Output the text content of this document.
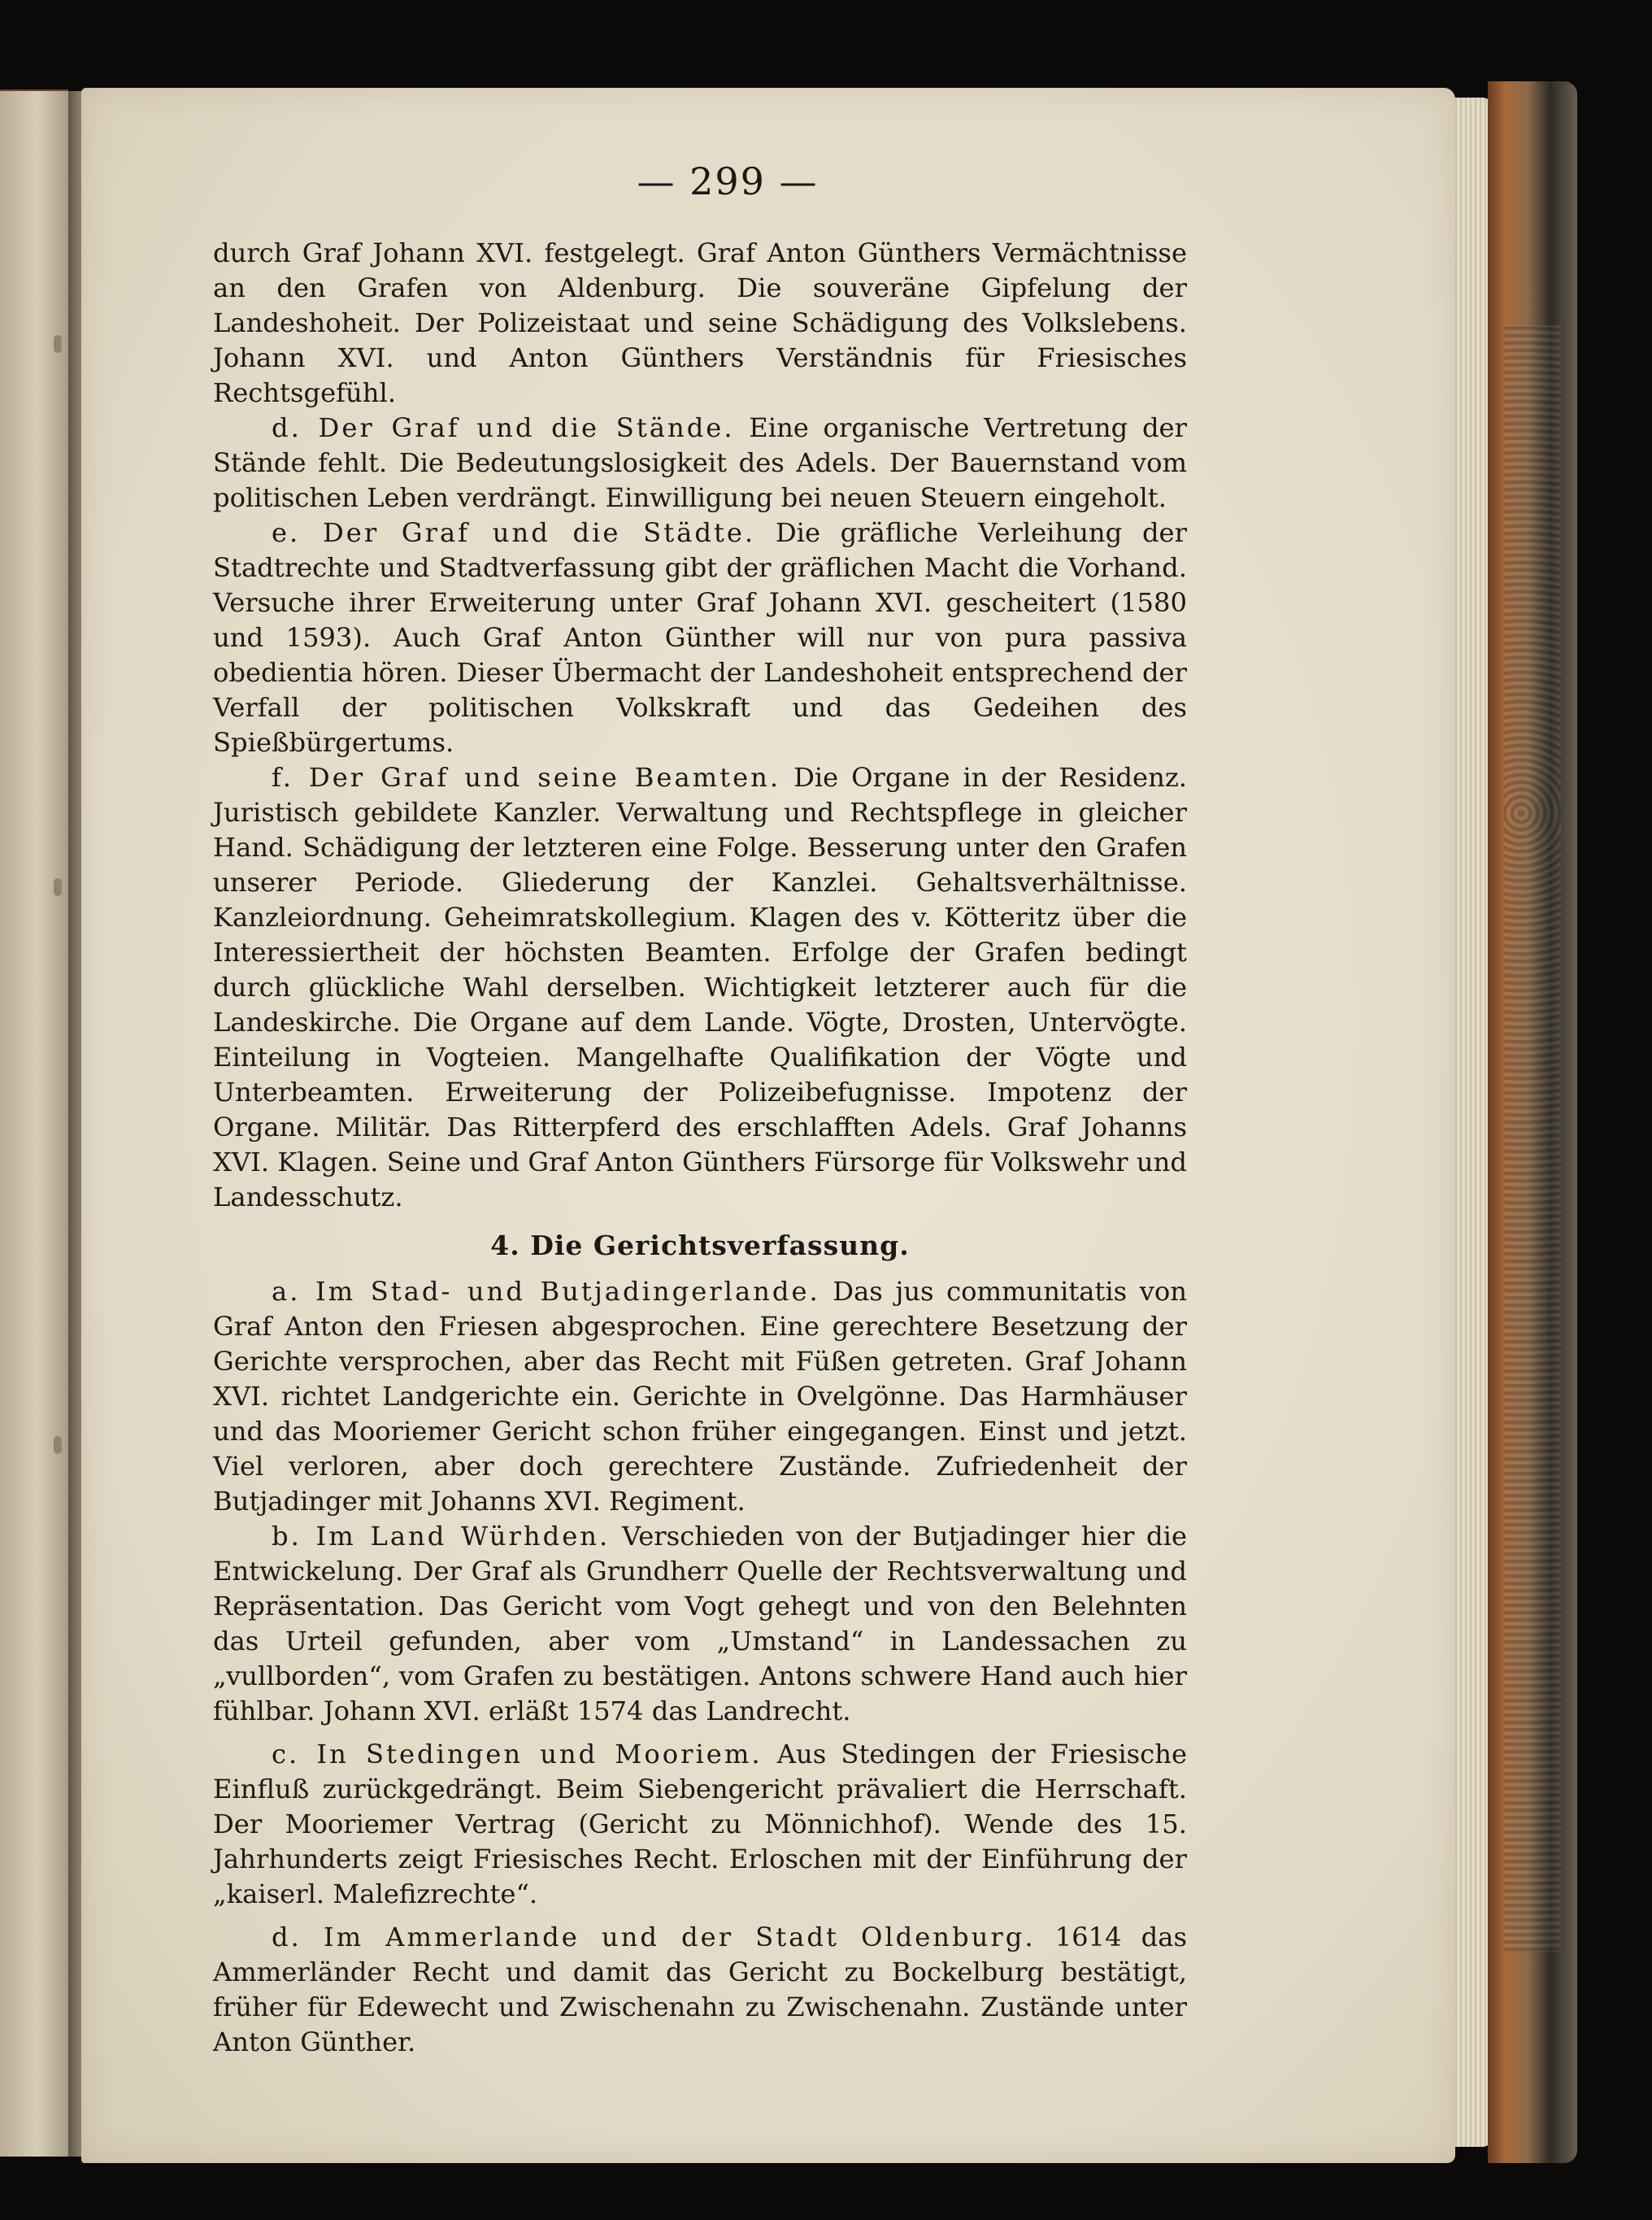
— 299 —

durch Graf Johann XVI. festgelegt. Graf Anton Günthers Vermächtnisse an den Grafen von Aldenburg. Die souveräne Gipfelung der Landeshoheit. Der Polizeistaat und seine Schädigung des Volkslebens. Johann XVI. und Anton Günthers Verständnis für Friesisches Rechtsgefühl.

d. Der Graf und die Stände. Eine organische Vertretung der Stände fehlt. Die Bedeutungslosigkeit des Adels. Der Bauernstand vom politischen Leben verdrängt. Einwilligung bei neuen Steuern eingeholt.

e. Der Graf und die Städte. Die gräfliche Verleihung der Stadtrechte und Stadtverfassung gibt der gräflichen Macht die Vorhand. Versuche ihrer Erweiterung unter Graf Johann XVI. gescheitert (1580 und 1593). Auch Graf Anton Günther will nur von pura passiva obedientia hören. Dieser Übermacht der Landeshoheit entsprechend der Verfall der politischen Volkskraft und das Gedeihen des Spießbürgertums.

f. Der Graf und seine Beamten. Die Organe in der Residenz. Juristisch gebildete Kanzler. Verwaltung und Rechtspflege in gleicher Hand. Schädigung der letzteren eine Folge. Besserung unter den Grafen unserer Periode. Gliederung der Kanzlei. Gehaltsverhältnisse. Kanzleiordnung. Geheimratskollegium. Klagen des v. Kötteritz über die Interessiertheit der höchsten Beamten. Erfolge der Grafen bedingt durch glückliche Wahl derselben. Wichtigkeit letzterer auch für die Landeskirche. Die Organe auf dem Lande. Vögte, Drosten, Untervögte. Einteilung in Vogteien. Mangelhafte Qualifikation der Vögte und Unterbeamten. Erweiterung der Polizeibefugnisse. Impotenz der Organe. Militär. Das Ritterpferd des erschlafften Adels. Graf Johanns XVI. Klagen. Seine und Graf Anton Günthers Fürsorge für Volkswehr und Landesschutz.

4. Die Gerichtsverfassung.

a. Im Stad- und Butjadingerlande. Das jus communitatis von Graf Anton den Friesen abgesprochen. Eine gerechtere Besetzung der Gerichte versprochen, aber das Recht mit Füßen getreten. Graf Johann XVI. richtet Landgerichte ein. Gerichte in Ovelgönne. Das Harmhäuser und das Mooriemer Gericht schon früher eingegangen. Einst und jetzt. Viel verloren, aber doch gerechtere Zustände. Zufriedenheit der Butjadinger mit Johanns XVI. Regiment.

b. Im Land Würhden. Verschieden von der Butjadinger hier die Entwickelung. Der Graf als Grundherr Quelle der Rechtsverwaltung und Repräsentation. Das Gericht vom Vogt gehegt und von den Belehnten das Urteil gefunden, aber vom „Umstand“ in Landessachen zu „vullborden“, vom Grafen zu bestätigen. Antons schwere Hand auch hier fühlbar. Johann XVI. erläßt 1574 das Landrecht.

c. In Stedingen und Mooriem. Aus Stedingen der Friesische Einfluß zurückgedrängt. Beim Siebengericht prävaliert die Herrschaft. Der Mooriemer Vertrag (Gericht zu Mönnichhof). Wende des 15. Jahrhunderts zeigt Friesisches Recht. Erloschen mit der Einführung der „kaiserl. Malefizrechte“.

d. Im Ammerlande und der Stadt Oldenburg. 1614 das Ammerländer Recht und damit das Gericht zu Bockelburg bestätigt, früher für Edewecht und Zwischenahn zu Zwischenahn. Zustände unter Anton Günther.
